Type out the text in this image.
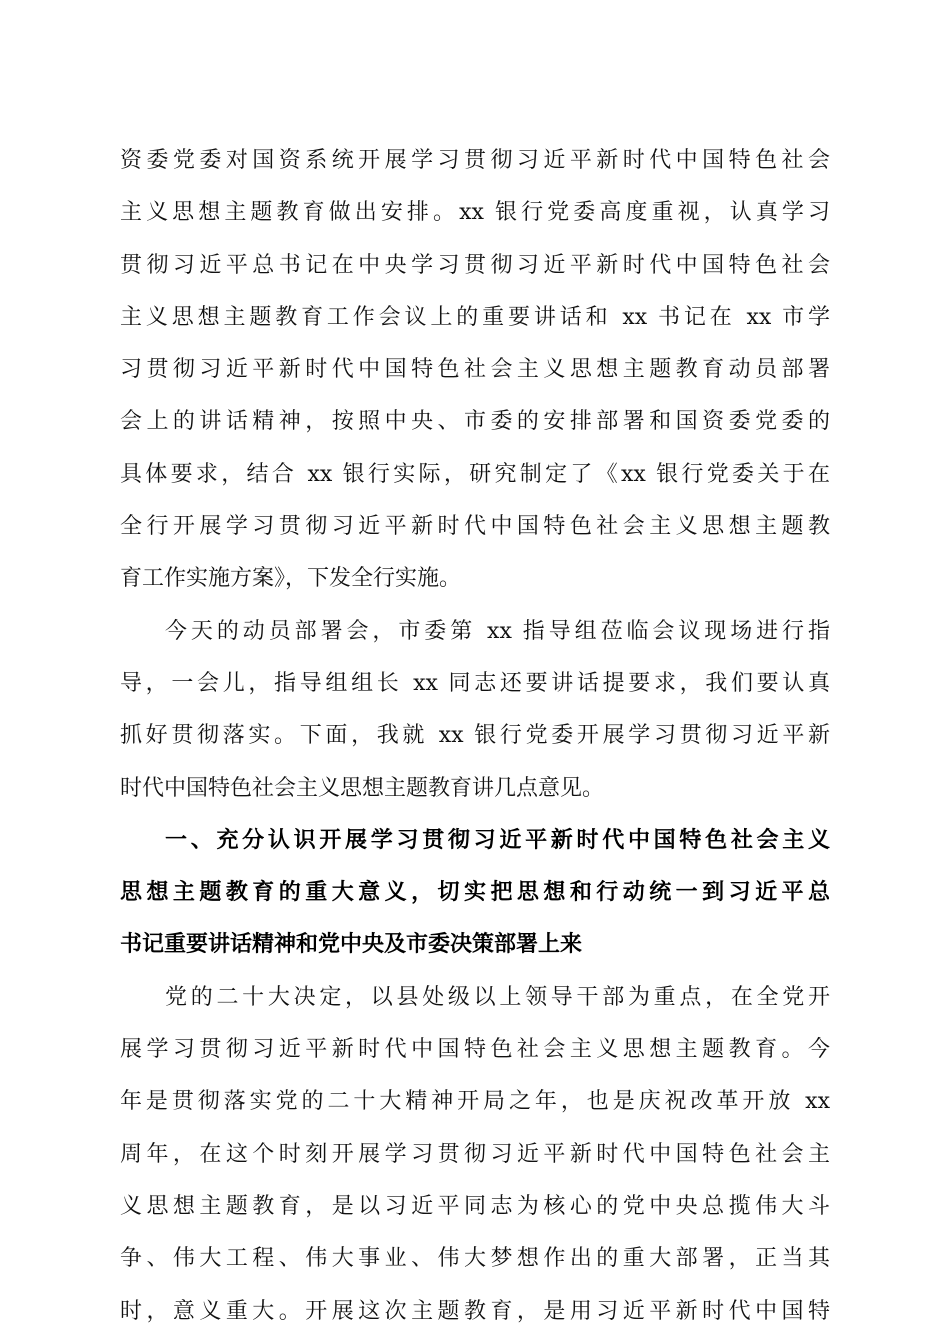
资委党委对国资系统开展学习贯彻习近平新时代中国特色社会
主义思想主题教育做出安排。xx 银行党委高度重视，认真学习
贯彻习近平总书记在中央学习贯彻习近平新时代中国特色社会
主义思想主题教育工作会议上的重要讲话和 xx 书记在 xx 市学
习贯彻习近平新时代中国特色社会主义思想主题教育动员部署
会上的讲话精神，按照中央、市委的安排部署和国资委党委的
具体要求，结合 xx 银行实际，研究制定了《xx 银行党委关于在
全行开展学习贯彻习近平新时代中国特色社会主义思想主题教
育工作实施方案》，下发全行实施。
今天的动员部署会，市委第 xx 指导组莅临会议现场进行指
导，一会儿，指导组组长 xx 同志还要讲话提要求，我们要认真
抓好贯彻落实。下面，我就 xx 银行党委开展学习贯彻习近平新
时代中国特色社会主义思想主题教育讲几点意见。
一、充分认识开展学习贯彻习近平新时代中国特色社会主义
思想主题教育的重大意义，切实把思想和行动统一到习近平总
书记重要讲话精神和党中央及市委决策部署上来
党的二十大决定，以县处级以上领导干部为重点，在全党开
展学习贯彻习近平新时代中国特色社会主义思想主题教育。今
年是贯彻落实党的二十大精神开局之年，也是庆祝改革开放 xx
周年，在这个时刻开展学习贯彻习近平新时代中国特色社会主
义思想主题教育，是以习近平同志为核心的党中央总揽伟大斗
争、伟大工程、伟大事业、伟大梦想作出的重大部署，正当其
时，意义重大。开展这次主题教育，是用习近平新时代中国特
